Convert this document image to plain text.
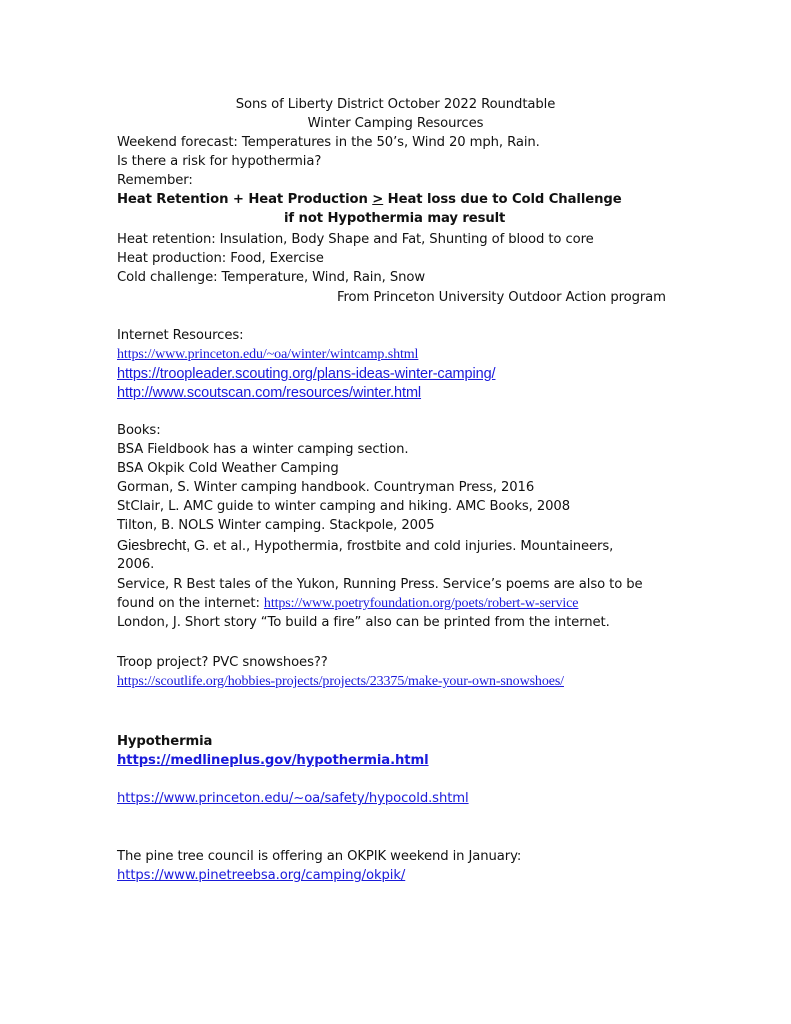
Sons of Liberty District October 2022 Roundtable
Winter Camping Resources
Weekend forecast: Temperatures in the 50’s, Wind 20 mph, Rain.
Is there a risk for hypothermia?
Remember:
Heat Retention + Heat Production > Heat loss due to Cold Challenge
if not Hypothermia may result
Heat retention: Insulation, Body Shape and Fat, Shunting of blood to core
Heat production: Food, Exercise
Cold challenge: Temperature, Wind, Rain, Snow
From Princeton University Outdoor Action program
Internet Resources:
https://www.princeton.edu/~oa/winter/wintcamp.shtml
https://troopleader.scouting.org/plans-ideas-winter-camping/
http://www.scoutscan.com/resources/winter.html
Books:
BSA Fieldbook has a winter camping section.
BSA Okpik Cold Weather Camping
Gorman, S. Winter camping handbook. Countryman Press, 2016
StClair, L. AMC guide to winter camping and hiking. AMC Books, 2008
Tilton, B. NOLS Winter camping. Stackpole, 2005
Giesbrecht, G. et al., Hypothermia, frostbite and cold injuries. Mountaineers,
2006.
Service, R Best tales of the Yukon, Running Press. Service’s poems are also to be
found on the internet: https://www.poetryfoundation.org/poets/robert-w-service
London, J. Short story “To build a fire” also can be printed from the internet.
Troop project? PVC snowshoes??
https://scoutlife.org/hobbies-projects/projects/23375/make-your-own-snowshoes/
Hypothermia
https://medlineplus.gov/hypothermia.html
https://www.princeton.edu/~oa/safety/hypocold.shtml
The pine tree council is offering an OKPIK weekend in January:
https://www.pinetreebsa.org/camping/okpik/
